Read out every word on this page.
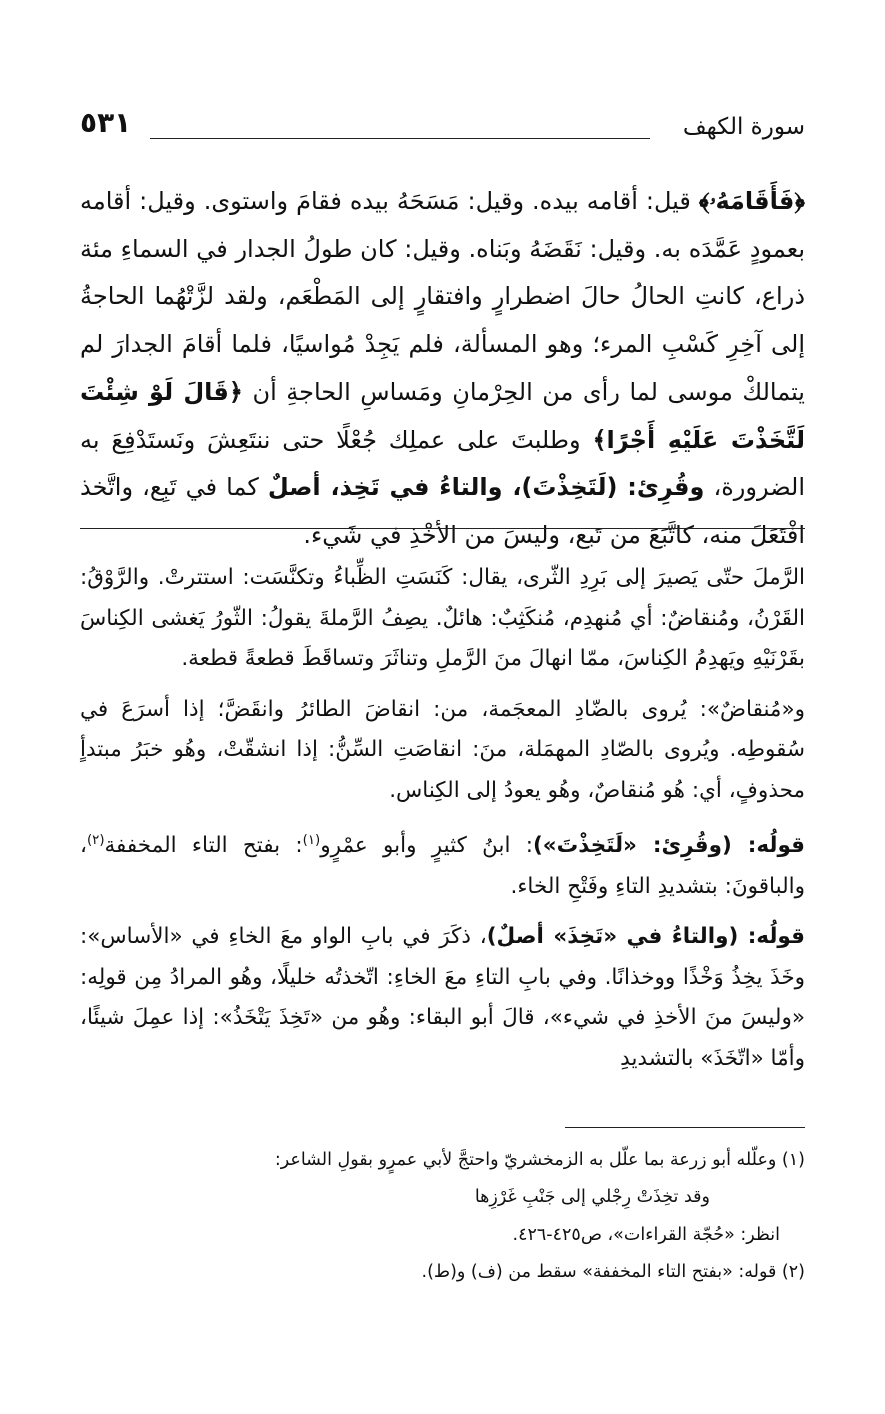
سورة الكهف
٥٣١
﴿فَأَقَامَهُۥ﴾ قيل: أقامه بيده. وقيل: مَسَحَهُ بيده فقامَ واستوى. وقيل: أقامه بعمودٍ عَمَّدَه به. وقيل: نَقَضَهُ وبَناه. وقيل: كان طولُ الجدار في السماءِ مئة ذراع، كانتِ الحالُ حالَ اضطرارٍ وافتقارٍ إلى المَطْعَم، ولقد لزَّتْهُما الحاجةُ إلى آخِرِ كَسْبِ المرء؛ وهو المسألة، فلم يَجِدْ مُواسيًا، فلما أقامَ الجدارَ لم يتمالكْ موسى لما رأى من الحِرْمانِ ومَساسِ الحاجةِ أن ﴿قَالَ لَوْ شِئْتَ لَتَّخَذْتَ عَلَيْهِ أَجْرًا﴾ وطلبتَ على عملِك جُعْلًا حتى ننتَعِشَ ونَستَدْفِعَ به الضرورة، وقُرِئ: (لَتَخِذْتَ)، والتاءُ في تَخِذ، أصلٌ كما في تَبِع، واتَّخذ افْتَعَلَ منه، كاتَّبَعَ من تَبع، وليسَ من الأخْذِ في شَيء.

الرَّملَ حتّى يَصيرَ إلى بَرِدِ الثّرى، يقال: كَنَسَتِ الظِّباءُ وتكنَّسَت: استترتْ. والرَّوْقُ: القَرْنُ، ومُنقاضٌ: أي مُنهدِم، مُنكَثِبٌ: هائلٌ. يصِفُ الرَّملةَ يقولُ: الثّورُ يَغشى الكِناسَ بقَرْنَيْهِ ويَهدِمُ الكِناسَ، ممّا انهالَ منَ الرَّملِ وتناثَرَ وتساقَطَ قطعةً قطعة.

و«مُنقاضٌ»: يُروى بالضّادِ المعجَمة، من: انقاضَ الطائرُ وانقَضَّ؛ إذا أسرَعَ في سُقوطِه. ويُروى بالصّادِ المهمَلة، منَ: انقاصَتِ السِّنُّ: إذا انشقّتْ، وهُو خبَرُ مبتدأٍ محذوفٍ، أي: هُو مُنقاصٌ، وهُو يعودُ إلى الكِناس.

قولُه: (وقُرِئ: «لَتَخِذْتَ»): ابنُ كثيرٍ وأبو عمْرٍو$^{(١)}$: بفتح التاء المخففة$^{(٢)}$، والباقونَ: بتشديدِ التاءِ وفَتْحِ الخاء.

قولُه: (والتاءُ في «تَخِذَ» أصلٌ)، ذكَرَ في بابِ الواو معَ الخاءِ في «الأساس»: وخَذَ يخِذُ وَخْذًا ووخذانًا. وفي بابِ التاءِ معَ الخاءِ: اتّخذتُه خليلًا، وهُو المرادُ مِن قولِه: «وليسَ منَ الأخذِ في شيء»، قالَ أبو البقاء: وهُو من «تَخِذَ يَتْخَذُ»: إذا عمِلَ شيئًا، وأمّا «اتّخَذَ» بالتشديدِ

(١) وعلّله أبو زرعة بما علّل به الزمخشريّ واحتجَّ لأبي عمرٍو بقولِ الشاعر:

وقد تخِذَتْ رِجْلي إلى جَنْبِ غَرْزِها

انظر: «حُجّة القراءات»، ص٤٢٥-٤٢٦.

(٢) قوله: «بفتح التاء المخففة» سقط من (ف) و(ط).
